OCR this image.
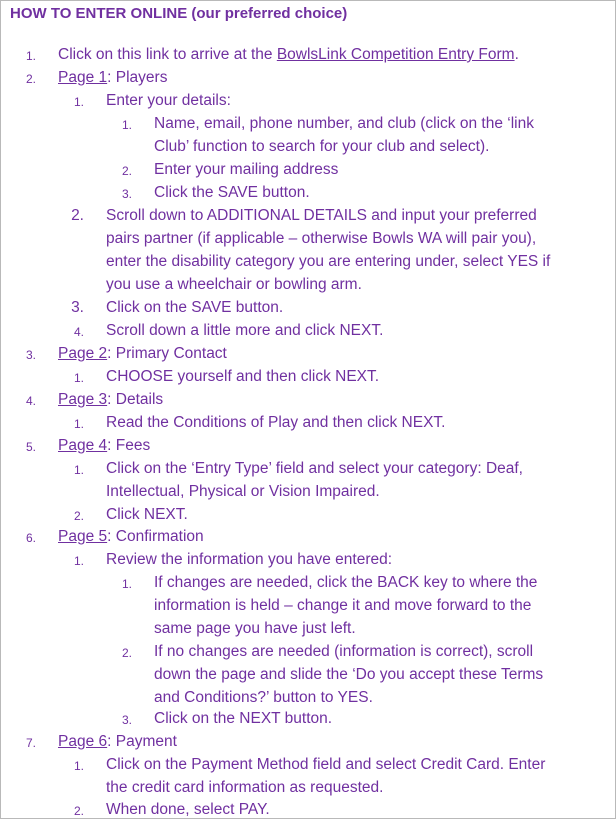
HOW TO ENTER ONLINE (our preferred choice)
1. Click on this link to arrive at the BowlsLink Competition Entry Form.
2. Page 1: Players
1. Enter your details:
1. Name, email, phone number, and club (click on the ‘link
Club’ function to search for your club and select).
2. Enter your mailing address
3. Click the SAVE button.
2. Scroll down to ADDITIONAL DETAILS and input your preferred
pairs partner (if applicable – otherwise Bowls WA will pair you),
enter the disability category you are entering under, select YES if
you use a wheelchair or bowling arm.
3. Click on the SAVE button.
4. Scroll down a little more and click NEXT.
3. Page 2: Primary Contact
1. CHOOSE yourself and then click NEXT.
4. Page 3: Details
1. Read the Conditions of Play and then click NEXT.
5. Page 4: Fees
1. Click on the ‘Entry Type’ field and select your category: Deaf,
Intellectual, Physical or Vision Impaired.
2. Click NEXT.
6. Page 5: Confirmation
1. Review the information you have entered:
1. If changes are needed, click the BACK key to where the
information is held – change it and move forward to the
same page you have just left.
2. If no changes are needed (information is correct), scroll
down the page and slide the ‘Do you accept these Terms
and Conditions?’ button to YES.
3. Click on the NEXT button.
7. Page 6: Payment
1. Click on the Payment Method field and select Credit Card. Enter
the credit card information as requested.
2. When done, select PAY.
